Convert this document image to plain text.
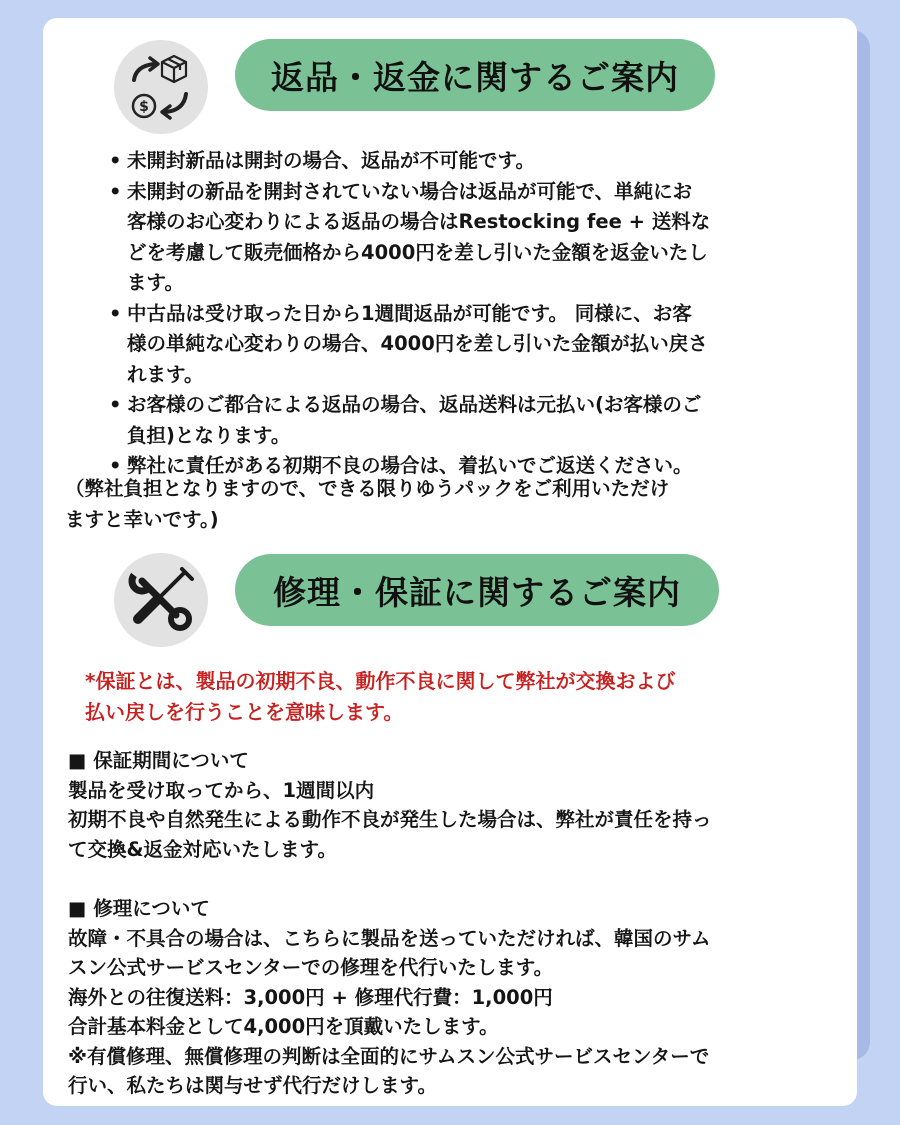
$
返品・返金に関するご案内
• 未開封新品は開封の場合、返品が不可能です。
• 未開封の新品を開封されていない場合は返品が可能で、単純にお
客様のお心変わりによる返品の場合はRestocking fee + 送料な
どを考慮して販売価格から4000円を差し引いた金額を返金いたし
ます。
• 中古品は受け取った日から1週間返品が可能です。 同様に、お客
様の単純な心変わりの場合、4000円を差し引いた金額が払い戻さ
れます。
• お客様のご都合による返品の場合、返品送料は元払い(お客様のご
負担)となります。
• 弊社に責任がある初期不良の場合は、着払いでご返送ください。
（弊社負担となりますので、できる限りゆうパックをご利用いただけ
ますと幸いです。)
修理・保証に関するご案内
*保証とは、製品の初期不良、動作不良に関して弊社が交換および
払い戻しを行うことを意味します。
■ 保証期間について
製品を受け取ってから、1週間以内
初期不良や自然発生による動作不良が発生した場合は、弊社が責任を持っ
て交換&返金対応いたします。
■ 修理について
故障・不具合の場合は、こちらに製品を送っていただければ、韓国のサム
スン公式サービスセンターでの修理を代行いたします。
海外との往復送料：3,000円 + 修理代行費：1,000円
合計基本料金として4,000円を頂戴いたします。
※有償修理、無償修理の判断は全面的にサムスン公式サービスセンターで
行い、私たちは関与せず代行だけします。
